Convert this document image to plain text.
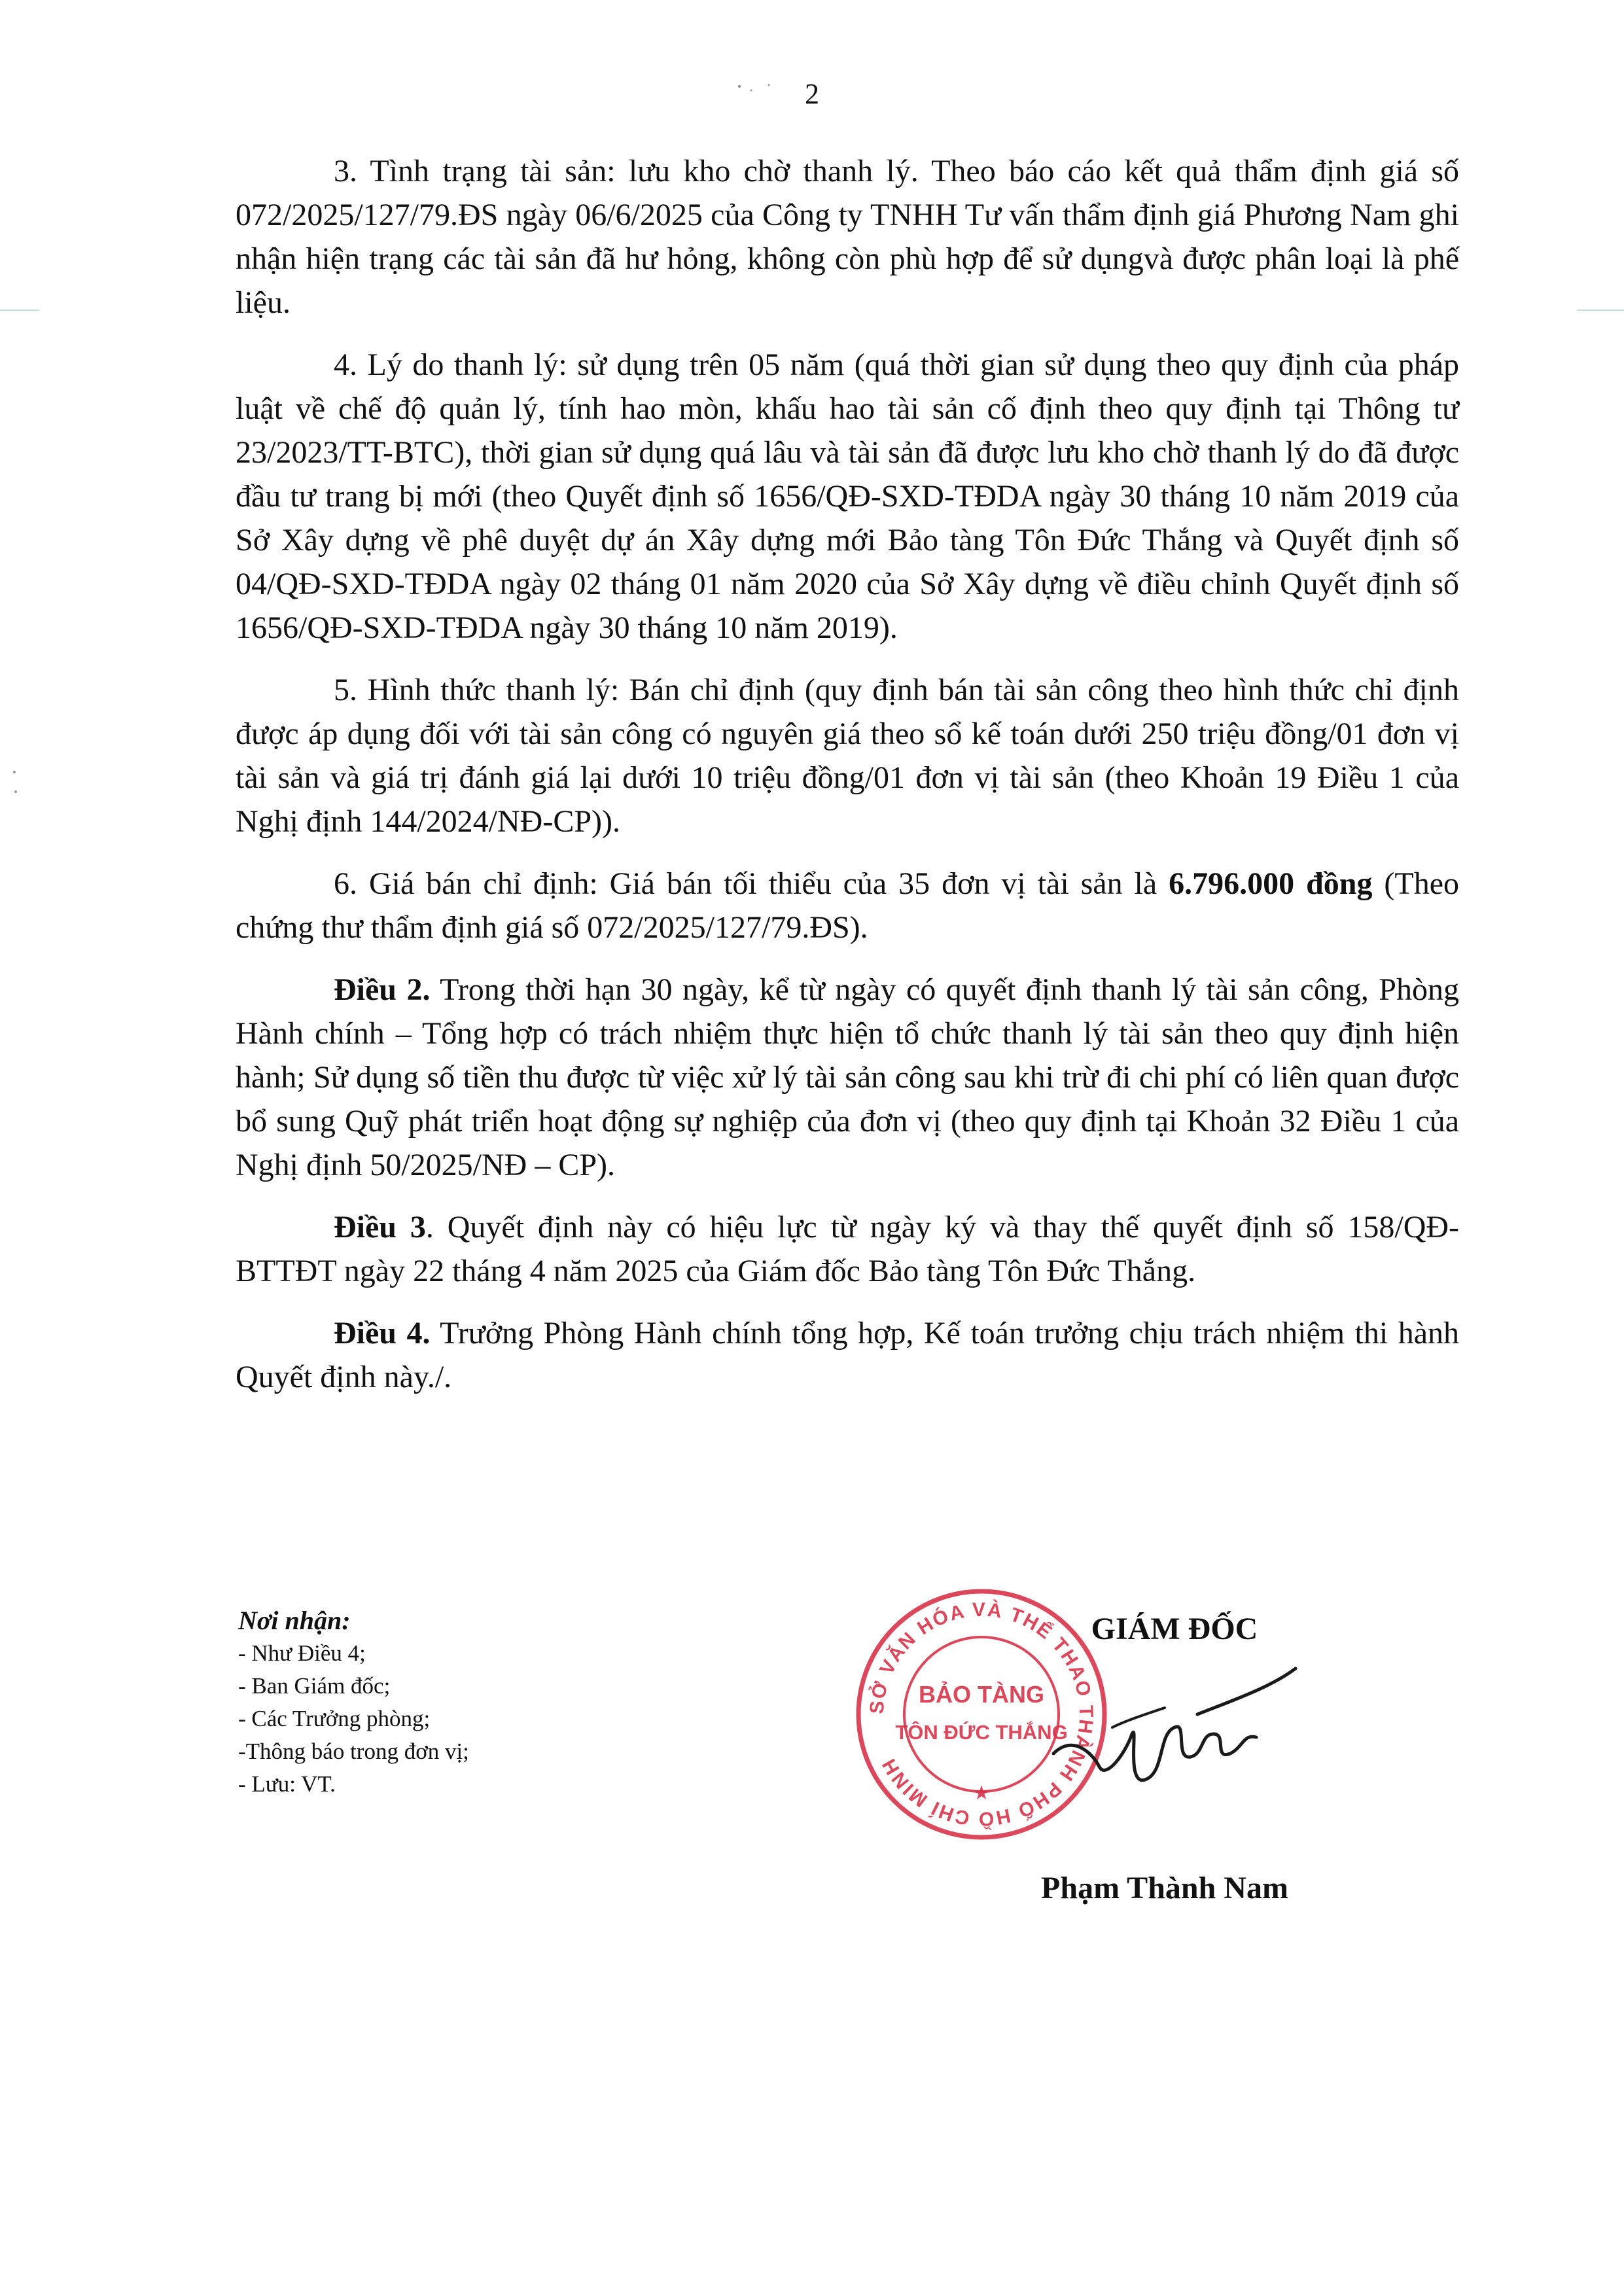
2

3. Tình trạng tài sản: lưu kho chờ thanh lý. Theo báo cáo kết quả thẩm định giá số 072/2025/127/79.ĐS ngày 06/6/2025 của Công ty TNHH Tư vấn thẩm định giá Phương Nam ghi nhận hiện trạng các tài sản đã hư hỏng, không còn phù hợp để sử dụngvà được phân loại là phế liệu.

4. Lý do thanh lý: sử dụng trên 05 năm (quá thời gian sử dụng theo quy định của pháp luật về chế độ quản lý, tính hao mòn, khấu hao tài sản cố định theo quy định tại Thông tư 23/2023/TT-BTC), thời gian sử dụng quá lâu và tài sản đã được lưu kho chờ thanh lý do đã được đầu tư trang bị mới (theo Quyết định số 1656/QĐ-SXD-TĐDA ngày 30 tháng 10 năm 2019 của Sở Xây dựng về phê duyệt dự án Xây dựng mới Bảo tàng Tôn Đức Thắng và Quyết định số 04/QĐ-SXD-TĐDA ngày 02 tháng 01 năm 2020 của Sở Xây dựng về điều chỉnh Quyết định số 1656/QĐ-SXD-TĐDA ngày 30 tháng 10 năm 2019).

5. Hình thức thanh lý: Bán chỉ định (quy định bán tài sản công theo hình thức chỉ định được áp dụng đối với tài sản công có nguyên giá theo sổ kế toán dưới 250 triệu đồng/01 đơn vị tài sản và giá trị đánh giá lại dưới 10 triệu đồng/01 đơn vị tài sản (theo Khoản 19 Điều 1 của Nghị định 144/2024/NĐ-CP)).

6. Giá bán chỉ định: Giá bán tối thiểu của 35 đơn vị tài sản là 6.796.000 đồng (Theo chứng thư thẩm định giá số 072/2025/127/79.ĐS).

Điều 2. Trong thời hạn 30 ngày, kể từ ngày có quyết định thanh lý tài sản công, Phòng Hành chính – Tổng hợp có trách nhiệm thực hiện tổ chức thanh lý tài sản theo quy định hiện hành; Sử dụng số tiền thu được từ việc xử lý tài sản công sau khi trừ đi chi phí có liên quan được bổ sung Quỹ phát triển hoạt động sự nghiệp của đơn vị (theo quy định tại Khoản 32 Điều 1 của Nghị định 50/2025/NĐ – CP).

Điều 3. Quyết định này có hiệu lực từ ngày ký và thay thế quyết định số 158/QĐ-BTTĐT ngày 22 tháng 4 năm 2025 của Giám đốc Bảo tàng Tôn Đức Thắng.

Điều 4. Trưởng Phòng Hành chính tổng hợp, Kế toán trưởng chịu trách nhiệm thi hành Quyết định này./.

Nơi nhận:
- Như Điều 4;
- Ban Giám đốc;
- Các Trưởng phòng;
-Thông báo trong đơn vị;
- Lưu: VT.
GIÁM ĐỐC
SỞ VĂN HÓA VÀ THỂ THAO THÀNH PHỐ HỒ CHÍ MINH
BẢO TÀNG
TÔN ĐỨC THẮNG
★
Phạm Thành Nam
